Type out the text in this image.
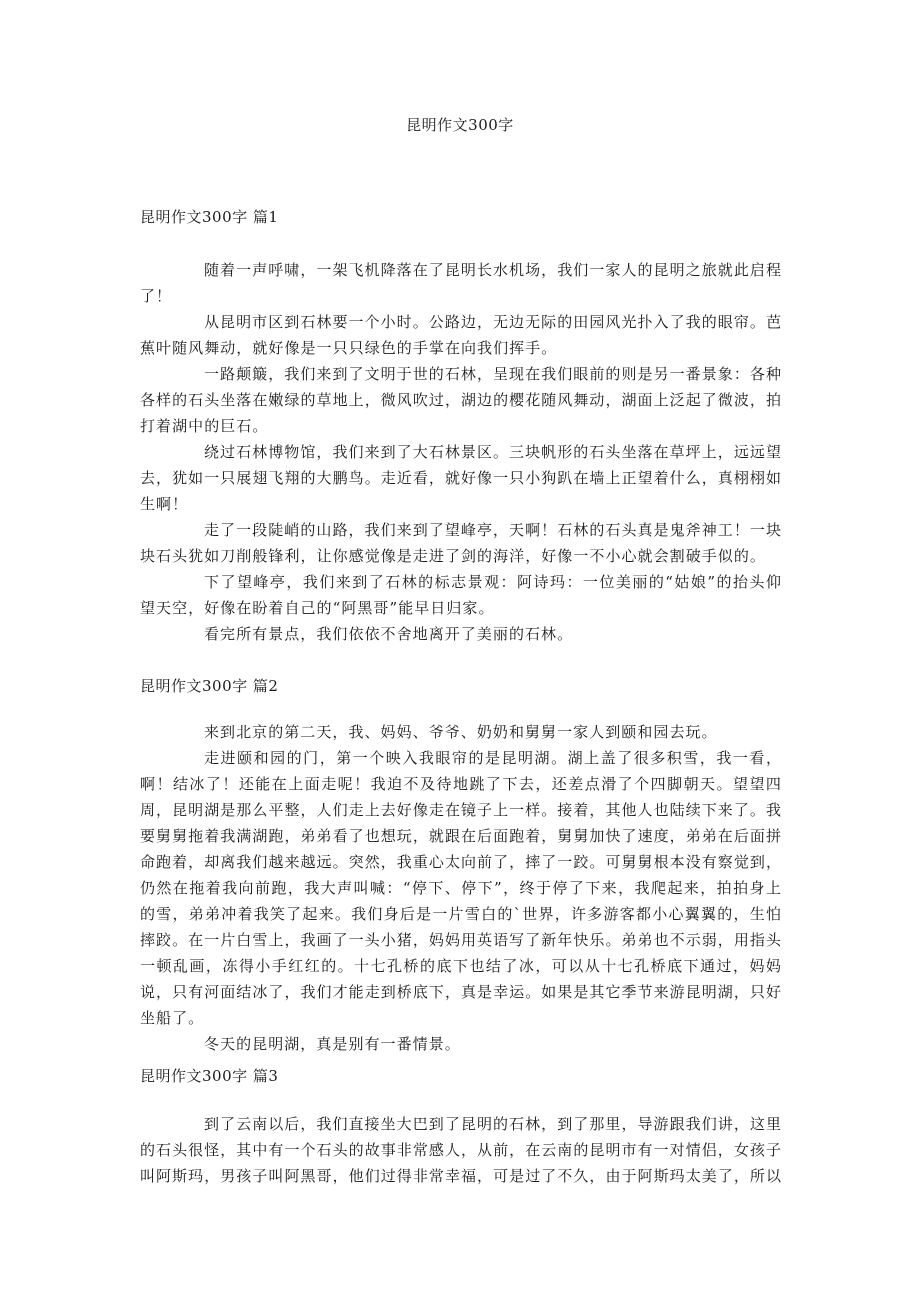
昆明作文300字
昆明作文300字 篇1

随着一声呼啸，一架飞机降落在了昆明长水机场，我们一家人的昆明之旅就此启程了！

从昆明市区到石林要一个小时。公路边，无边无际的田园风光扑入了我的眼帘。芭蕉叶随风舞动，就好像是一只只绿色的手掌在向我们挥手。

一路颠簸，我们来到了文明于世的石林，呈现在我们眼前的则是另一番景象：各种各样的石头坐落在嫩绿的草地上，微风吹过，湖边的樱花随风舞动，湖面上泛起了微波，拍打着湖中的巨石。

绕过石林博物馆，我们来到了大石林景区。三块帆形的石头坐落在草坪上，远远望去，犹如一只展翅飞翔的大鹏鸟。走近看，就好像一只小狗趴在墙上正望着什么，真栩栩如生啊！

走了一段陡峭的山路，我们来到了望峰亭，天啊！石林的石头真是鬼斧神工！一块块石头犹如刀削般锋利，让你感觉像是走进了剑的海洋，好像一不小心就会割破手似的。

下了望峰亭，我们来到了石林的标志景观：阿诗玛：一位美丽的“姑娘”的抬头仰望天空，好像在盼着自己的“阿黑哥”能早日归家。

看完所有景点，我们依依不舍地离开了美丽的石林。

昆明作文300字 篇2

来到北京的第二天，我、妈妈、爷爷、奶奶和舅舅一家人到颐和园去玩。

走进颐和园的门，第一个映入我眼帘的是昆明湖。湖上盖了很多积雪，我一看，啊！结冰了！还能在上面走呢！我迫不及待地跳了下去，还差点滑了个四脚朝天。望望四周，昆明湖是那么平整，人们走上去好像走在镜子上一样。接着，其他人也陆续下来了。我要舅舅拖着我满湖跑，弟弟看了也想玩，就跟在后面跑着，舅舅加快了速度，弟弟在后面拼命跑着，却离我们越来越远。突然，我重心太向前了，摔了一跤。可舅舅根本没有察觉到，仍然在拖着我向前跑，我大声叫喊：“停下、停下”，终于停了下来，我爬起来，拍拍身上的雪，弟弟冲着我笑了起来。我们身后是一片雪白的`世界，许多游客都小心翼翼的，生怕摔跤。在一片白雪上，我画了一头小猪，妈妈用英语写了新年快乐。弟弟也不示弱，用指头一顿乱画，冻得小手红红的。十七孔桥的底下也结了冰，可以从十七孔桥底下通过，妈妈说，只有河面结冰了，我们才能走到桥底下，真是幸运。如果是其它季节来游昆明湖，只好坐船了。

冬天的昆明湖，真是别有一番情景。

昆明作文300字 篇3

到了云南以后，我们直接坐大巴到了昆明的石林，到了那里，导游跟我们讲，这里的石头很怪，其中有一个石头的故事非常感人，从前，在云南的昆明市有一对情侣，女孩子叫阿斯玛，男孩子叫阿黑哥，他们过得非常幸福，可是过了不久，由于阿斯玛太美了，所以
